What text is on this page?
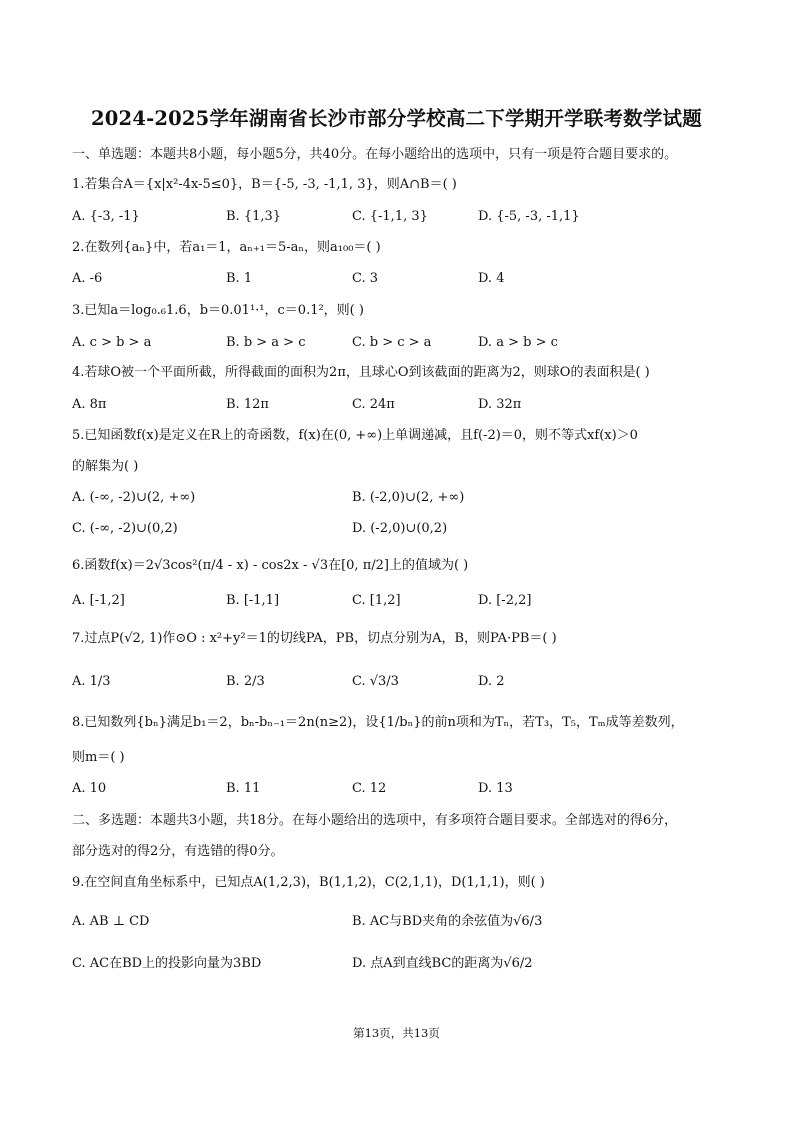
2024-2025学年湖南省长沙市部分学校高二下学期开学联考数学试题
一、单选题：本题共8小题，每小题5分，共40分。在每小题给出的选项中，只有一项是符合题目要求的。
1.若集合A＝{x|x²-4x-5≤0}，B＝{-5, -3, -1,1, 3}，则A∩B＝( )
A. {-3, -1}	B. {1,3}	C. {-1,1, 3}	D. {-5, -3, -1,1}
2.在数列{aₙ}中，若a₁＝1，aₙ₊₁＝5-aₙ，则a₁₀₀＝( )
A. -6	B. 1	C. 3	D. 4
3.已知a＝log₀.₆1.6，b＝0.01¹·¹，c＝0.1²，则( )
A. c > b > a	B. b > a > c	C. b > c > a	D. a > b > c
4.若球O被一个平面所截，所得截面的面积为2π，且球心O到该截面的距离为2，则球O的表面积是( )
A. 8π	B. 12π	C. 24π	D. 32π
5.已知函数f(x)是定义在R上的奇函数，f(x)在(0, +∞)上单调递减，且f(-2)＝0，则不等式xf(x)＞0
的解集为( )
A. (-∞, -2)∪(2, +∞)	B. (-2,0)∪(2, +∞)
C. (-∞, -2)∪(0,2)	D. (-2,0)∪(0,2)
6.函数f(x)＝2√3cos²(π/4 - x) - cos2x - √3在[0, π/2]上的值域为( )
A. [-1,2]	B. [-1,1]	C. [1,2]	D. [-2,2]
7.过点P(√2, 1)作⊙O : x²+y²＝1的切线PA，PB，切点分别为A，B，则PA·PB＝( )
A. 1/3	B. 2/3	C. √3/3	D. 2
8.已知数列{bₙ}满足b₁＝2，bₙ-bₙ₋₁＝2n(n≥2)，设{1/bₙ}的前n项和为Tₙ，若T₃，T₅，Tₘ成等差数列，
则m＝( )
A. 10	B. 11	C. 12	D. 13
二、多选题：本题共3小题，共18分。在每小题给出的选项中，有多项符合题目要求。全部选对的得6分，
部分选对的得2分，有选错的得0分。
9.在空间直角坐标系中，已知点A(1,2,3)，B(1,1,2)，C(2,1,1)，D(1,1,1)，则( )
A. AB ⊥ CD	B. AC与BD夹角的余弦值为√6/3
C. AC在BD上的投影向量为3BD	D. 点A到直线BC的距离为√6/2
第13页，共13页
